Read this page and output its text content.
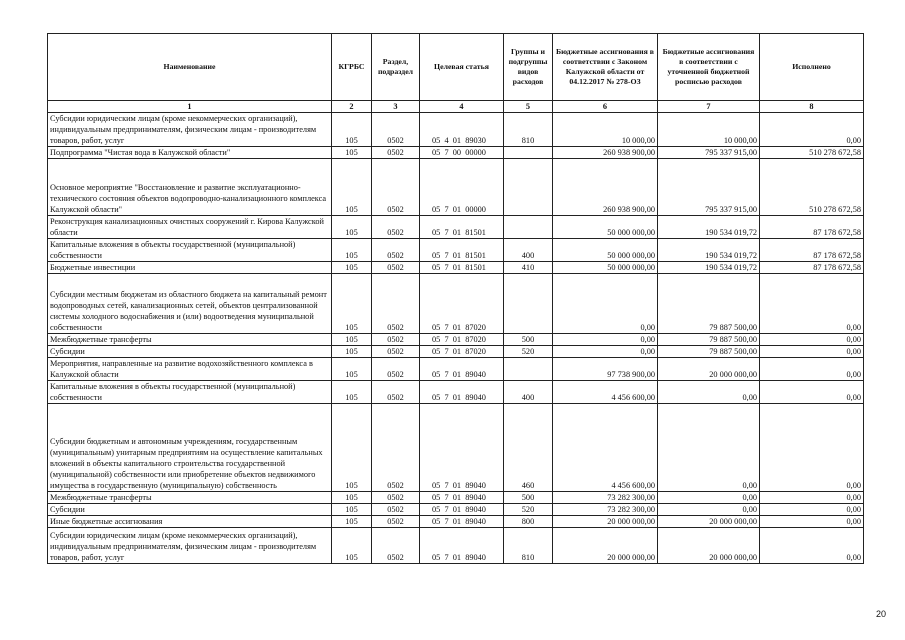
Наименование	КГРБС	Раздел, подраздел	Целевая статья	Группы и подгруппы видов расходов	Бюджетные ассигнования в соответствии с Законом Калужской области от 04.12.2017 № 278-ОЗ	Бюджетные ассигнования в соответствии с уточненной бюджетной росписью расходов	Исполнено
1	2	3	4	5	6	7	8
Субсидии юридическим лицам (кроме некоммерческих организаций), индивидуальным предпринимателям, физическим лицам - производителям товаров, работ, услуг	105	0502	05  4  01  89030	810	10 000,00	10 000,00	0,00
Подпрограмма "Чистая вода в Калужской области"	105	0502	05  7  00  00000		260 938 900,00	795 337 915,00	510 278 672,58
Основное мероприятие "Восстановление и развитие эксплуатационно-технического состояния объектов водопроводно-канализационного комплекса Калужской области"	105	0502	05  7  01  00000		260 938 900,00	795 337 915,00	510 278 672,58
Реконструкция канализационных очистных сооружений г. Кирова Калужской области	105	0502	05  7  01  81501		50 000 000,00	190 534 019,72	87 178 672,58
Капитальные вложения в объекты государственной (муниципальной) собственности	105	0502	05  7  01  81501	400	50 000 000,00	190 534 019,72	87 178 672,58
Бюджетные инвестиции	105	0502	05  7  01  81501	410	50 000 000,00	190 534 019,72	87 178 672,58
Субсидии местным бюджетам из областного бюджета на капитальный ремонт водопроводных сетей, канализационных сетей, объектов централизованной системы холодного водоснабжения и (или) водоотведения муниципальной собственности	105	0502	05  7  01  87020		0,00	79 887 500,00	0,00
Межбюджетные трансферты	105	0502	05  7  01  87020	500	0,00	79 887 500,00	0,00
Субсидии	105	0502	05  7  01  87020	520	0,00	79 887 500,00	0,00
Мероприятия, направленные на развитие водохозяйственного комплекса в Калужской области	105	0502	05  7  01  89040		97 738 900,00	20 000 000,00	0,00
Капитальные вложения в объекты государственной (муниципальной) собственности	105	0502	05  7  01  89040	400	4 456 600,00	0,00	0,00
Субсидии бюджетным и автономным учреждениям, государственным (муниципальным) унитарным предприятиям на осуществление капитальных вложений в объекты капитального строительства государственной (муниципальной) собственности или приобретение объектов недвижимого имущества в государственную (муниципальную) собственность	105	0502	05  7  01  89040	460	4 456 600,00	0,00	0,00
Межбюджетные трансферты	105	0502	05  7  01  89040	500	73 282 300,00	0,00	0,00
Субсидии	105	0502	05  7  01  89040	520	73 282 300,00	0,00	0,00
Иные бюджетные ассигнования	105	0502	05  7  01  89040	800	20 000 000,00	20 000 000,00	0,00
Субсидии юридическим лицам (кроме некоммерческих организаций), индивидуальным предпринимателям, физическим лицам - производителям товаров, работ, услуг	105	0502	05  7  01  89040	810	20 000 000,00	20 000 000,00	0,00
20
